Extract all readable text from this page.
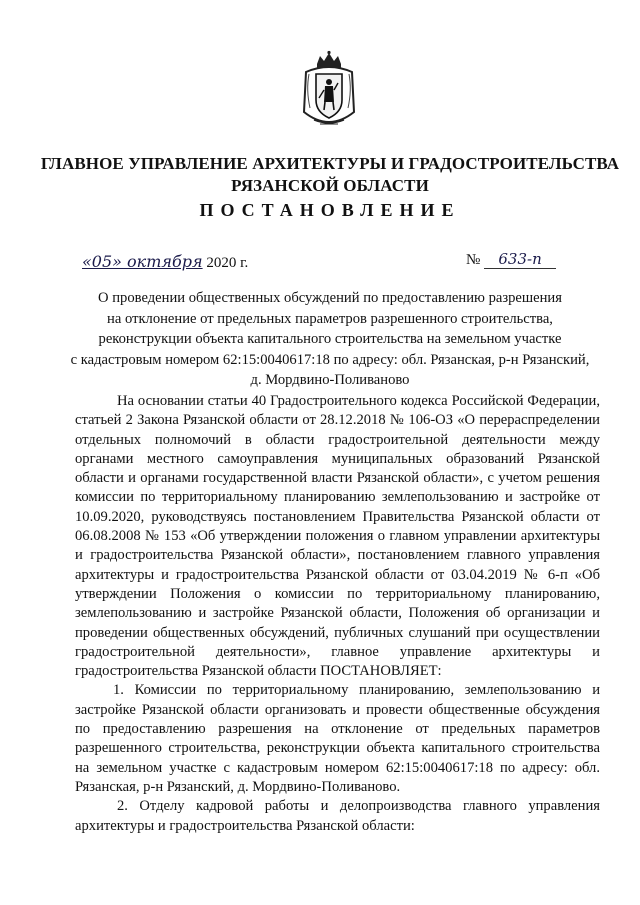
ГЛАВНОЕ УПРАВЛЕНИЕ АРХИТЕКТУРЫ И ГРАДОСТРОИТЕЛЬСТВА
РЯЗАНСКОЙ ОБЛАСТИ
ПОСТАНОВЛЕНИЕ
«05» октября 2020 г.	№ 633-п
О проведении общественных обсуждений по предоставлению разрешения
на отклонение от предельных параметров разрешенного строительства,
реконструкции объекта капитального строительства на земельном участке
с кадастровым номером 62:15:0040617:18 по адресу: обл. Рязанская, р-н Рязанский,
д. Мордвино-Поливаново

На основании статьи 40 Градостроительного кодекса Российской Федерации, статьей 2 Закона Рязанской области от 28.12.2018 № 106-ОЗ «О перераспределении отдельных полномочий в области градостроительной деятельности между органами местного самоуправления муниципальных образований Рязанской области и органами государственной власти Рязанской области», с учетом решения комиссии по территориальному планированию землепользованию и застройке от 10.09.2020, руководствуясь постановлением Правительства Рязанской области от 06.08.2008 № 153 «Об утверждении положения о главном управлении архитектуры и градостроительства Рязанской области», постановлением главного управления архитектуры и градостроительства Рязанской области от 03.04.2019 № 6-п «Об утверждении Положения о комиссии по территориальному планированию, землепользованию и застройке Рязанской области, Положения об организации и проведении общественных обсуждений, публичных слушаний при осуществлении градостроительной деятельности», главное управление архитектуры и градостроительства Рязанской области ПОСТАНОВЛЯЕТ:

1. Комиссии по территориальному планированию, землепользованию и застройке Рязанской области организовать и провести общественные обсуждения по предоставлению разрешения на отклонение от предельных параметров разрешенного строительства, реконструкции объекта капитального строительства на земельном участке с кадастровым номером 62:15:0040617:18 по адресу: обл. Рязанская, р-н Рязанский, д. Мордвино-Поливаново.

2. Отделу кадровой работы и делопроизводства главного управления архитектуры и градостроительства Рязанской области:
